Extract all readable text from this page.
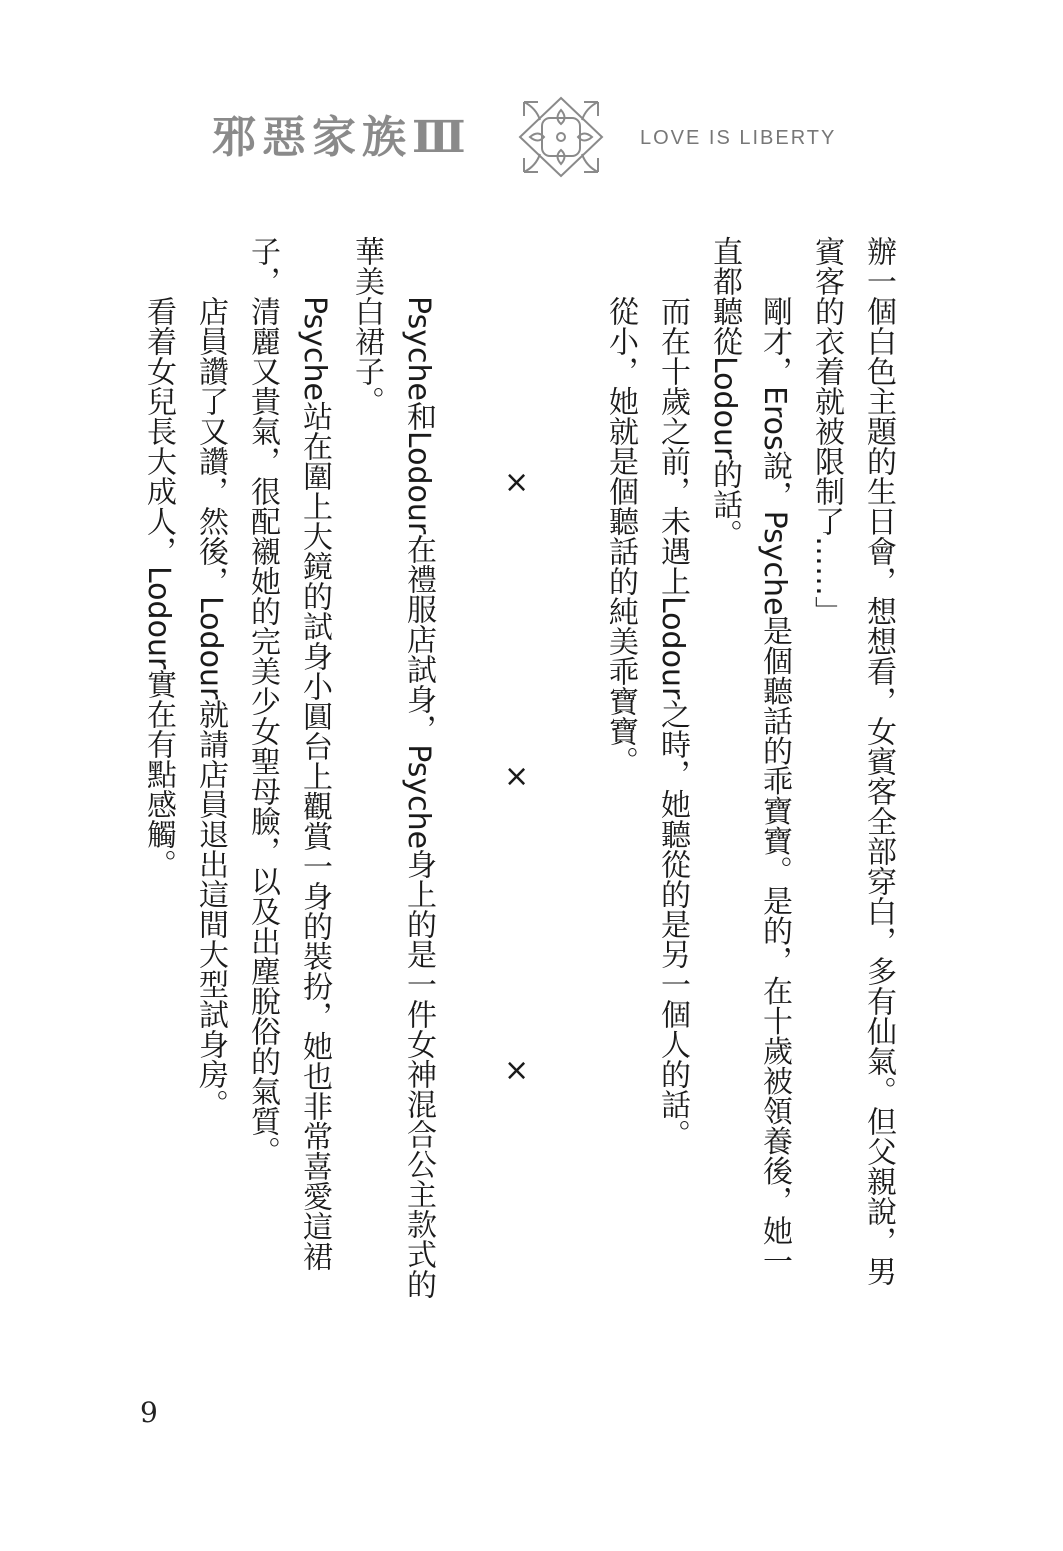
邪惡家族Ⅲ	LOVE IS LIBERTY
辦一個白色主題的生日會，想想看，女賓客全部穿白，多有仙氣。但父親說，男
賓客的衣着就被限制了……」
剛才，Eros說，Psyche是個聽話的乖寶寶。是的，在十歲被領養後，她一
直都聽從Lodour的話。
而在十歲之前，未遇上Lodour之時，她聽從的是另一個人的話。
從小，她就是個聽話的純美乖寶寶。
×
×
×
Psyche和Lodour在禮服店試身，Psyche身上的是一件女神混合公主款式的
華美白裙子。
Psyche站在圍上大鏡的試身小圓台上觀賞一身的裝扮，她也非常喜愛這裙
子，清麗又貴氣，很配襯她的完美少女聖母臉，以及出塵脫俗的氣質。
店員讚了又讚，然後，Lodour就請店員退出這間大型試身房。
看着女兒長大成人，Lodour實在有點感觸。
9
